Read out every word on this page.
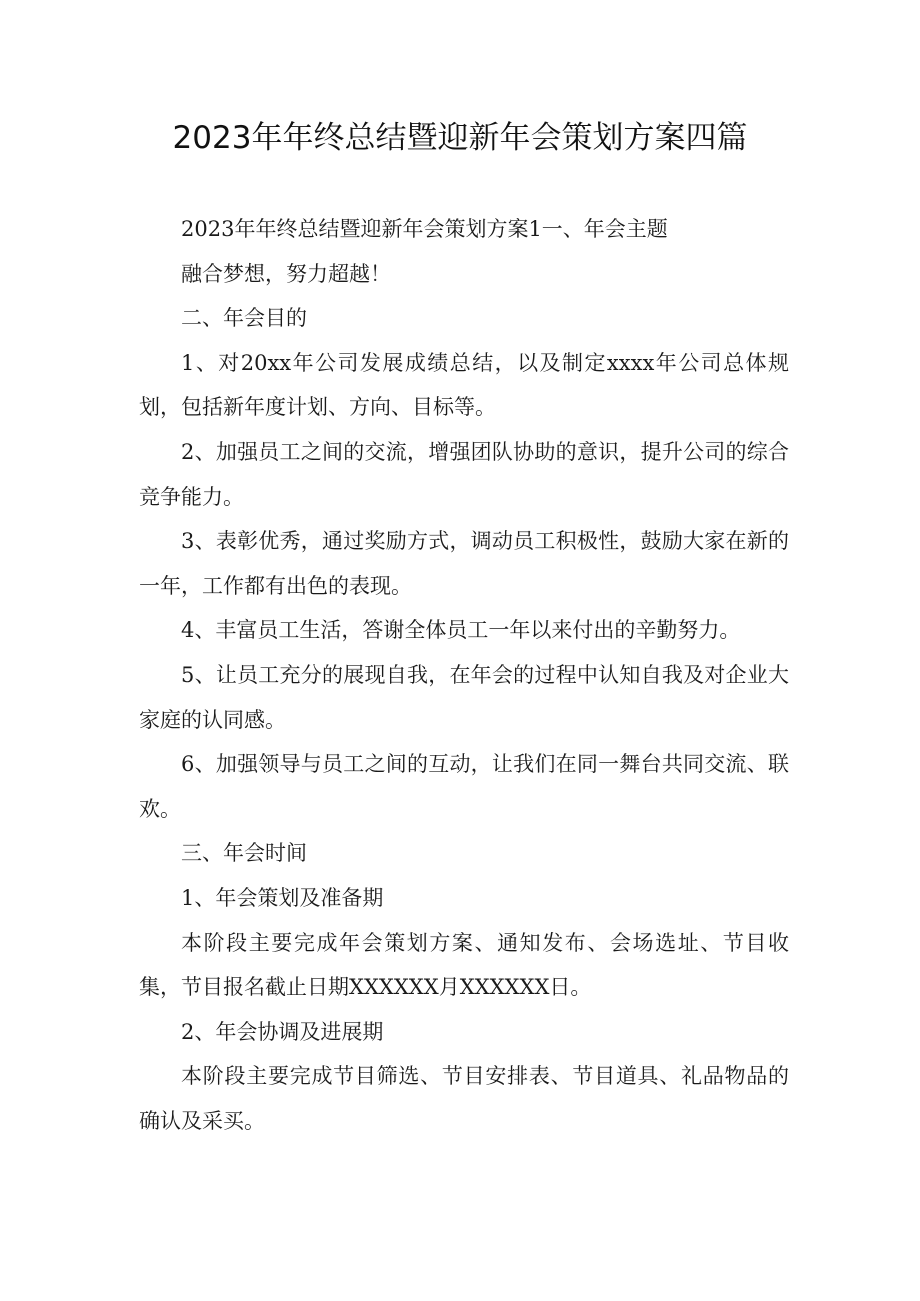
2023年年终总结暨迎新年会策划方案四篇

2023年年终总结暨迎新年会策划方案1一、年会主题

融合梦想，努力超越！

二、年会目的

1、对20xx年公司发展成绩总结，以及制定xxxx年公司总体规划，包括新年度计划、方向、目标等。

2、加强员工之间的交流，增强团队协助的意识，提升公司的综合竞争能力。

3、表彰优秀，通过奖励方式，调动员工积极性，鼓励大家在新的一年，工作都有出色的表现。

4、丰富员工生活，答谢全体员工一年以来付出的辛勤努力。

5、让员工充分的展现自我，在年会的过程中认知自我及对企业大家庭的认同感。

6、加强领导与员工之间的互动，让我们在同一舞台共同交流、联欢。

三、年会时间

1、年会策划及准备期

本阶段主要完成年会策划方案、通知发布、会场选址、节目收集，节目报名截止日期XXXXXX月XXXXXX日。

2、年会协调及进展期

本阶段主要完成节目筛选、节目安排表、节目道具、礼品物品的确认及采买。
